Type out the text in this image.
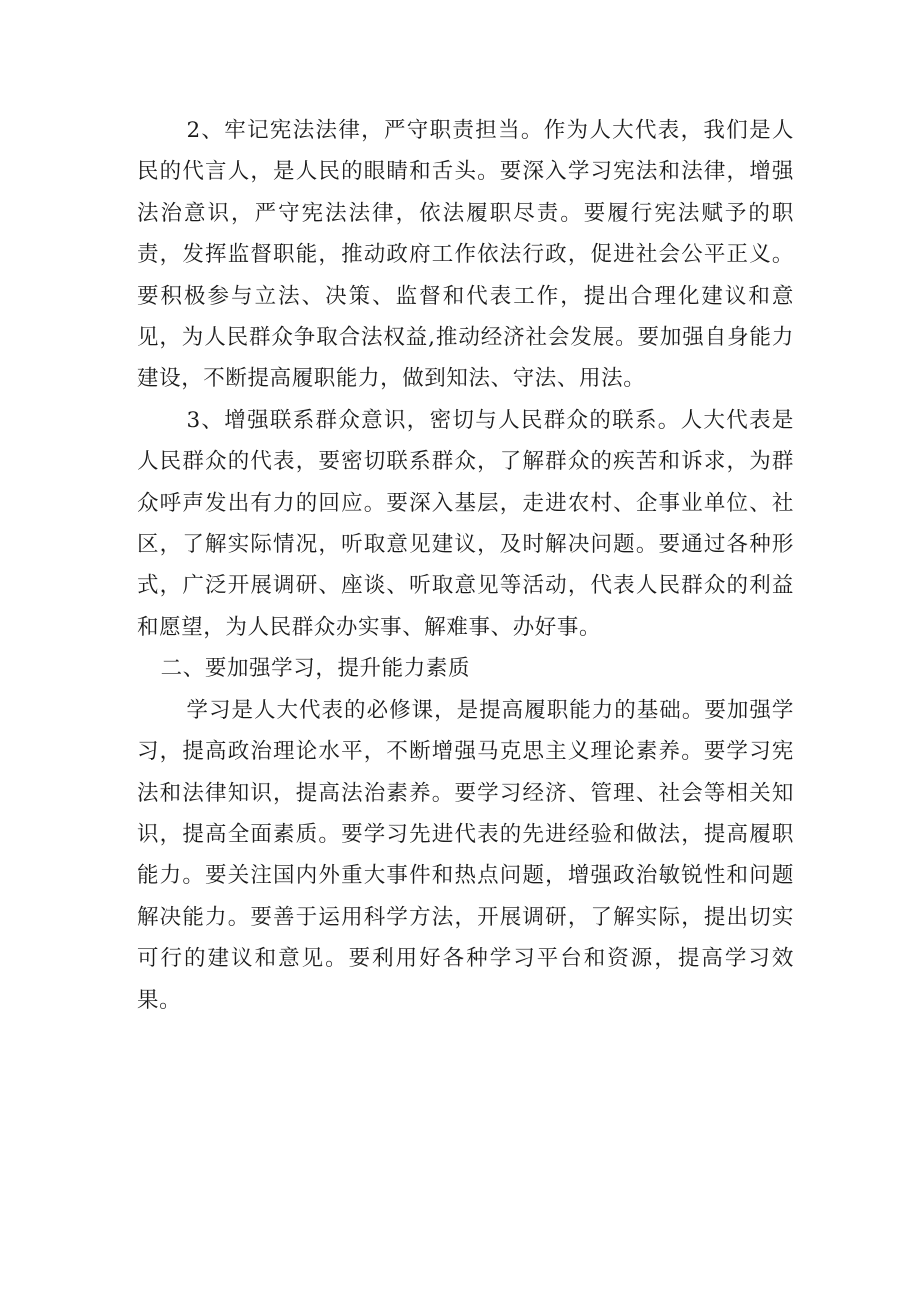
2、牢记宪法法律，严守职责担当。作为人大代表，我们是人民的代言人，是人民的眼睛和舌头。要深入学习宪法和法律，增强法治意识，严守宪法法律，依法履职尽责。要履行宪法赋予的职责，发挥监督职能，推动政府工作依法行政，促进社会公平正义。要积极参与立法、决策、监督和代表工作，提出合理化建议和意见，为人民群众争取合法权益,推动经济社会发展。要加强自身能力建设，不断提高履职能力，做到知法、守法、用法。

3、增强联系群众意识，密切与人民群众的联系。人大代表是人民群众的代表，要密切联系群众，了解群众的疾苦和诉求，为群众呼声发出有力的回应。要深入基层，走进农村、企事业单位、社区，了解实际情况，听取意见建议，及时解决问题。要通过各种形式，广泛开展调研、座谈、听取意见等活动，代表人民群众的利益和愿望，为人民群众办实事、解难事、办好事。

二、要加强学习，提升能力素质

学习是人大代表的必修课，是提高履职能力的基础。要加强学习，提高政治理论水平，不断增强马克思主义理论素养。要学习宪法和法律知识，提高法治素养。要学习经济、管理、社会等相关知识，提高全面素质。要学习先进代表的先进经验和做法，提高履职能力。要关注国内外重大事件和热点问题，增强政治敏锐性和问题解决能力。要善于运用科学方法，开展调研，了解实际，提出切实可行的建议和意见。要利用好各种学习平台和资源，提高学习效果。
